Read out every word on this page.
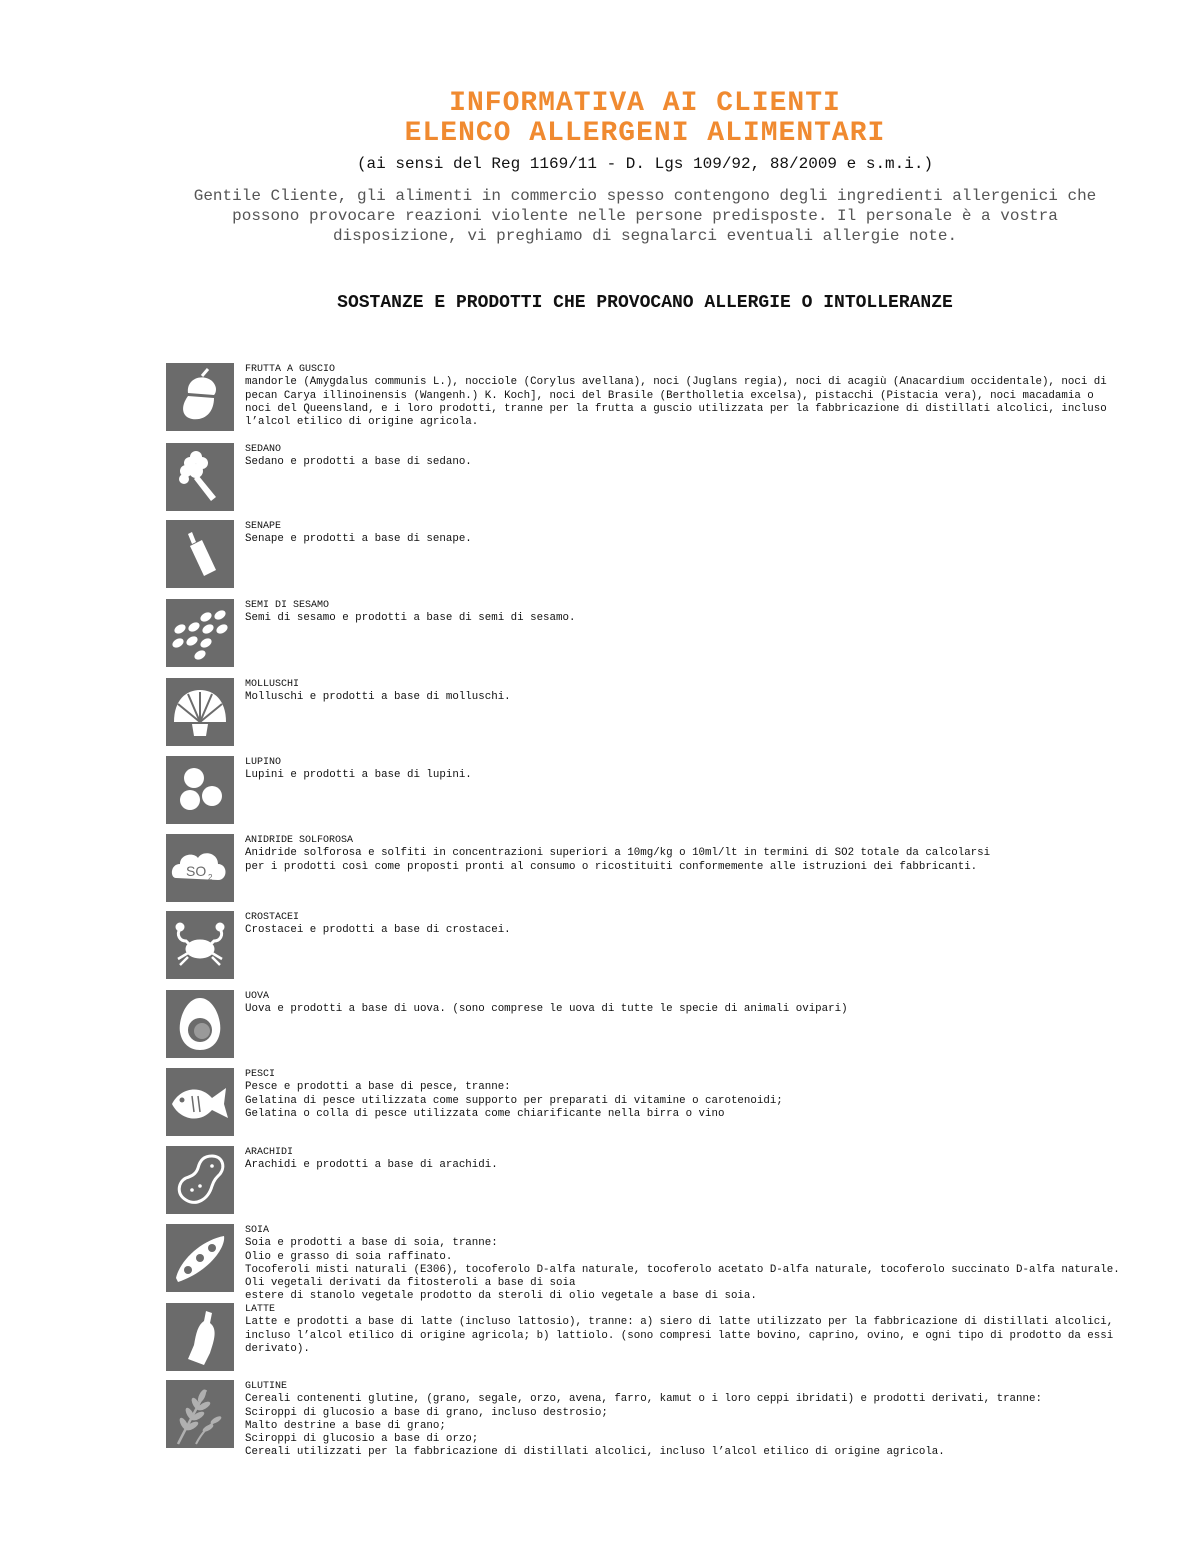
INFORMATIVA AI CLIENTI
ELENCO ALLERGENI ALIMENTARI
(ai sensi del Reg 1169/11 - D. Lgs 109/92, 88/2009 e s.m.i.)
Gentile Cliente, gli alimenti in commercio spesso contengono degli ingredienti allergenici che
possono provocare reazioni violente nelle persone predisposte. Il personale è a vostra
disposizione, vi preghiamo di segnalarci eventuali allergie note.
SOSTANZE E PRODOTTI CHE PROVOCANO ALLERGIE O INTOLLERANZE
FRUTTA A GUSCIO
mandorle (Amygdalus communis L.), nocciole (Corylus avellana), noci (Juglans regia), noci di acagiù (Anacardium occidentale), noci di
pecan Carya illinoinensis (Wangenh.) K. Koch], noci del Brasile (Bertholletia excelsa), pistacchi (Pistacia vera), noci macadamia o
noci del Queensland, e i loro prodotti, tranne per la frutta a guscio utilizzata per la fabbricazione di distillati alcolici, incluso
l’alcol etilico di origine agricola.
SEDANO
Sedano e prodotti a base di sedano.
SENAPE
Senape e prodotti a base di senape.
SEMI DI SESAMO
Semi di sesamo e prodotti a base di semi di sesamo.
MOLLUSCHI
Molluschi e prodotti a base di molluschi.
LUPINO
Lupini e prodotti a base di lupini.
SO 2
ANIDRIDE SOLFOROSA
Anidride solforosa e solfiti in concentrazioni superiori a 10mg/kg o 10ml/lt in termini di SO2 totale da calcolarsi
per i prodotti così come proposti pronti al consumo o ricostituiti conformemente alle istruzioni dei fabbricanti.
CROSTACEI
Crostacei e prodotti a base di crostacei.
UOVA
Uova e prodotti a base di uova. (sono comprese le uova di tutte le specie di animali ovipari)
PESCI
Pesce e prodotti a base di pesce, tranne:
Gelatina di pesce utilizzata come supporto per preparati di vitamine o carotenoidi;
Gelatina o colla di pesce utilizzata come chiarificante nella birra o vino
ARACHIDI
Arachidi e prodotti a base di arachidi.
SOIA
Soia e prodotti a base di soia, tranne:
Olio e grasso di soia raffinato.
Tocoferoli misti naturali (E306), tocoferolo D-alfa naturale, tocoferolo acetato D-alfa naturale, tocoferolo succinato D-alfa naturale.
Oli vegetali derivati da fitosteroli a base di soia
estere di stanolo vegetale prodotto da steroli di olio vegetale a base di soia.
LATTE
Latte e prodotti a base di latte (incluso lattosio), tranne: a) siero di latte utilizzato per la fabbricazione di distillati alcolici,
incluso l’alcol etilico di origine agricola; b) lattiolo. (sono compresi latte bovino, caprino, ovino, e ogni tipo di prodotto da essi
derivato).
GLUTINE
Cereali contenenti glutine, (grano, segale, orzo, avena, farro, kamut o i loro ceppi ibridati) e prodotti derivati, tranne:
Sciroppi di glucosio a base di grano, incluso destrosio;
Malto destrine a base di grano;
Sciroppi di glucosio a base di orzo;
Cereali utilizzati per la fabbricazione di distillati alcolici, incluso l’alcol etilico di origine agricola.
